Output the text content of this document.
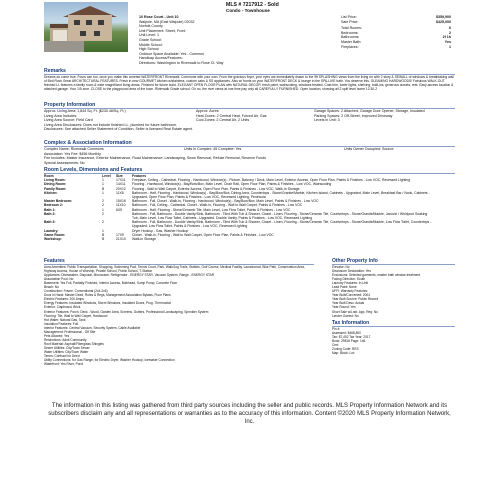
MLS # 7217912 - Sold
Condo - Townhouse
10 Rose Court - Unit 10
Walpole, MA (East Walpole) 02032
Norfolk County
Unit Placement: Street, Front
Unit Level: 1
Grade School:
Middle School:
High School:
Outdoor Space Available: Yes - Common
Handicap Access/Features:
Directions: Washington to Riverwalk to Rose Ct. Way
List Price:	$359,900
Sale Price:	$425,000
Total Rooms:	6
Bedrooms:	2
Bathrooms:	2f 1h
Master Bath:	Yes
Fireplaces:	1
Remarks
Dreams do come true. Fours can too, once you make this coveted WATERFRONT Riverwalk. Commune with your own. From the gracious foyer, your eyes are immediately drawn to the 9ft SPLASHING views from the living rm with 2 story & SEWALL of windows & breathtaking wall of Bird Rock Great ARCHITECTURAL FEATURES. Fresh in new GOURMET kitchen w/stainless, custom cabs & SS appliances. Also w/ fronts on your WATERFRONT DECK & lounge in the SPA-LIKE bath. You deserve this. GLEAMING HARDWOODS! Fabulous WALK-OUT finished LL features a family room & wide magnificent living areas. Finished for future build. ELEGANT OPEN FLOOR PLAN with NATURAL DECOR, fresh paint, wainscoting, windows treated, Crab trim, lower lights, shelving, built-ins, generous closets, rest. Easy-access location & attached garage. Your 1/5 acre. CLOSE to the playground area of the town. Riverwalk Grade school. Oh no, the river views at one time pay only all CAREFULLY FURNISHED. Open location, showing all 2 split level home 12:30-2
Property Information
Approx. Living Area: 1,844 Sq. Ft. ($230.48/Sq. Ft.)
Living Area Includes:
Living Area Source: Field Card
Living Area Disclosures: Does not include finished LL, plumbed for future bathroom.
Disclosures: See attached Seller Statement of Condition, Seller is licensed Real Estate agent.
Approx. Acres:
Heat Zones: 2 Central Heat, Forced Air, Gas
Cool Zones: 2 Central Air, 2 Units
Garage Spaces: 2 Attached, Garage Door Opener, Storage, Insulated
Parking Spaces: 2 Off-Street, Improved Driveway
Levels in Unit: 3
Complex & Association Information
Complex Name: Riverwalk Commons
Association: Yes Fee: $456 Monthly
Fee Includes: Master Insurance, Exterior Maintenance, Road Maintenance, Landscaping, Snow Removal, Refuse Removal, Reserve Funds
Special Assessments: No
Units in Complex: 45 Complete: Yes	Units Owner Occupied: Source:
Room Levels, Dimensions and Features
Room	Level	Size	Features
Living Room:	1	17X11	Fireplace, Ceiling - Cathedral, Flooring - Hardwood, Window(s) - Picture, Balcony / Deck, Main Level, Exterior Access, Open Floor Plan, Paints & Finishes - Low VOC, Recessed Lighting
Dining Room:	1	14X11	Flooring - Hardwood, Window(s) - Bay/Bow/Box, Main Level, Chair Rail, Open Floor Plan, Paints & Finishes - Low VOC, Wainscoting
Family Room:	B	20X12	Flooring - Wall to Wall Carpet, Exterior Access, Open Floor Plan, Paints & Finishes - Low VOC, Walk-In Storage
Kitchen:	1	11X8	Bathroom - Half, Flooring - Hardwood, Window(s) - Bay/Bow/Box, Dining Area, Countertops - Stone/Granite/Marble, Kitchen Island, Cabinets - Upgraded, Main Level, Breakfast Bar / Nook, Cabinets - Upgraded, Open Floor Plan, Paints & Finishes - Low VOC, Recessed Lighting, Peninsula
Master Bedroom:	2	15X16	Bathroom - Full, Closet - Walk-in, Flooring - Hardwood, Window(s) - Bay/Bow/Box, Main Level, Paints & Finishes - Low VOC
Bedroom 2:	2	11X10	Bathroom - Full, Ceiling - Cathedral, Closet - Walk-in, Flooring - Wall to Wall Carpet, Paints & Finishes - Low VOC
Bath 1:	1	6X5	Bathroom - Half, Flooring - Stone/Ceramic Tile, Main Level, Low Flow Toilet, Paints & Finishes - Low VOC
Bath 2:	2		Bathroom - Full, Bathroom - Double Vanity/Sink, Bathroom - Tiled With Tub & Shower, Closet - Linen, Flooring - Stone/Ceramic Tile, Countertops - Stone/Granite/Marble, Jacuzzi / Whirlpool Soaking Tub, Main Level, Low Flow Toilet, Cabinets - Upgraded, Double Vanity, Paints & Finishes - Low VOC, Recessed Lighting
Bath 3:	2		Bathroom - Full, Bathroom - Double Vanity/Sink, Bathroom - Tiled With Tub & Shower, Closet - Linen, Flooring - Stone/Ceramic Tile, Countertops - Stone/Granite/Marble, Low Flow Toilet, Countertops - Upgraded, Low Flow Toilet, Paints & Finishes - Low VOC, Recessed Lighting
Laundry:	1		Dryer Hookup - Gas, Washer Hookup
Game Room:	B	17X9	Closet - Walk-in, Flooring - Wall to Wall Carpet, Open Floor Plan, Paints & Finishes - Low VOC
Workshop:	B	21X10	Walk-in Storage
Features
Area Amenities: Public Transportation, Shopping, Swimming Pool, Tennis Court, Park, Walk/Jog Trails, Stables, Golf Course, Medical Facility, Laundromat, Bike Path, Conservation Area, Highway Access, House of Worship, Private School, Public School, T-Station
Appliances: Dishwasher, Disposal, Microwave, Refrigerator - ENERGY STAR, Vacuum System, Range - ENERGY STAR
Association Pool: No
Basement: Yes Full, Partially Finished, Interior Access, Bulkhead, Sump Pump, Concrete Floor
Beach: No
Construction: Frame, Conventional (2x4-2x6)
Docs in Hand: Master Deed, Rules & Regs, Management Association Bylaws, Floor Plans
Electric Features: 200 Amps
Energy Features: Insulated Windows, Storm Windows, Insulated Doors, Prog. Thermostat
Exterior: Clapboard, Brick
Exterior Features: Porch, Deck - Wood, Garden Area, Screens, Gutters, Professional Landscaping, Sprinkler System
Flooring: Tile, Wall to Wall Carpet, Hardwood
Hot Water: Natural Gas, Tank
Insulation Features: Full
Interior Features: Central Vacuum, Security System, Cable Available
Management: Professional - Off Site
Pets Allowed: Yes
Restrictions: Adult Community
Roof Material: Asphalt/Fiberglass Shingles
Sewer Utilities: City/Town Sewer
Water Utilities: City/Town Water
Terms: Contract for Deed
Utility Connections: for Gas Range, for Electric Dryer, Washer Hookup, Icemaker Connection
Waterfront: Yes River, Pond
Other Property Info
Elevator: No
Disclosure Declaration: Yes
Exclusions: Selected garments, master bath window treatment.
Facing Direction: South
Laundry Features: In Unit
Lead Paint: None
UFFI: Warranty Features:
Year Built/Converted: 2004
Year Built Source: Public Record
Year Built Desc: Actual
Year Round: Yes
Short Sale w/Lndr. App. Req: No
Lender Owned: No
Tax Information
Pin #:
Assessed: $468,800
Tax: $7,492 Tax Year: 2017
Book: 29818 Page: 146
Cert:
Zoning Code: RES
Map: Block: Lot:
The information in this listing was gathered from third party sources including the seller and public records. MLS Property Information Network and its subscribers disclaim any and all representations or warranties as to the accuracy of this information. Content ©2020 MLS Property Information Network, Inc.
